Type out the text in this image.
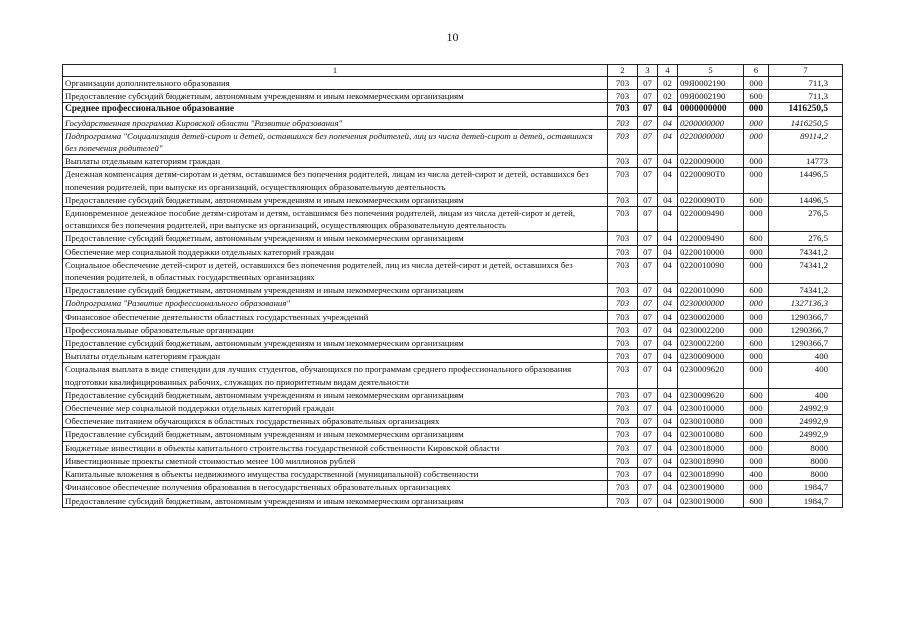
10
1	2	3	4	5	6	7
Организации дополнительного образования	703	07	02	09Я0002190	000	711,3
Предоставление субсидий бюджетным, автономным учреждениям и иным некоммерческим организациям	703	07	02	09Я0002190	600	711,3
Среднее профессиональное образование	703	07	04	0000000000	000	1416250,5
Государственная программа Кировской области "Развитие образования"	703	07	04	0200000000	000	1416250,5
Подпрограмма "Социализация детей-сирот и детей, оставшихся без попечения родителей, лиц из числа детей-сирот и детей, оставшихся без попечения родителей"	703	07	04	0220000000	000	89114,2
Выплаты отдельным категориям граждан	703	07	04	0220009000	000	14773
Денежная компенсация детям-сиротам и детям, оставшимся без попечения родителей, лицам из числа детей-сирот и детей, оставшихся без попечения родителей, при выпуске из организаций, осуществляющих образовательную деятельность	703	07	04	02200090Т0	000	14496,5
Предоставление субсидий бюджетным, автономным учреждениям и иным некоммерческим организациям	703	07	04	02200090Т0	600	14496,5
Единовременное денежное пособие детям-сиротам и детям, оставшимся без попечения родителей, лицам из числа детей-сирот и детей, оставшихся без попечения родителей, при выпуске из организаций, осуществляющих образовательную деятельность	703	07	04	0220009490	000	276,5
Предоставление субсидий бюджетным, автономным учреждениям и иным некоммерческим организациям	703	07	04	0220009490	600	276,5
Обеспечение мер социальной поддержки отдельных категорий граждан	703	07	04	0220010000	000	74341,2
Социальное обеспечение детей-сирот и детей, оставшихся без попечения родителей, лиц из числа детей-сирот и детей, оставшихся без попечения родителей, в областных государственных организациях	703	07	04	0220010090	000	74341,2
Предоставление субсидий бюджетным, автономным учреждениям и иным некоммерческим организациям	703	07	04	0220010090	600	74341,2
Подпрограмма "Развитие профессионального образования"	703	07	04	0230000000	000	1327136,3
Финансовое обеспечение деятельности областных государственных учреждений	703	07	04	0230002000	000	1290366,7
Профессиональные образовательные организации	703	07	04	0230002200	000	1290366,7
Предоставление субсидий бюджетным, автономным учреждениям и иным некоммерческим организациям	703	07	04	0230002200	600	1290366,7
Выплаты отдельным категориям граждан	703	07	04	0230009000	000	400
Социальная выплата в виде стипендии для лучших студентов, обучающихся по программам среднего профессионального образования подготовки квалифицированных рабочих, служащих по приоритетным видам деятельности	703	07	04	0230009620	000	400
Предоставление субсидий бюджетным, автономным учреждениям и иным некоммерческим организациям	703	07	04	0230009620	600	400
Обеспечение мер социальной поддержки отдельных категорий граждан	703	07	04	0230010000	000	24992,9
Обеспечение питанием обучающихся в областных государственных образовательных организациях	703	07	04	0230010080	000	24992,9
Предоставление субсидий бюджетным, автономным учреждениям и иным некоммерческим организациям	703	07	04	0230010080	600	24992,9
Бюджетные инвестиции в объекты капитального строительства государственной собственности Кировской области	703	07	04	0230018000	000	8000
Инвестиционные проекты сметной стоимостью менее 100 миллионов рублей	703	07	04	0230018990	000	8000
Капитальные вложения в объекты недвижимого имущества государственной (муниципальной) собственности	703	07	04	0230018990	400	8000
Финансовое обеспечение получения образования в негосударственных образовательных организациях	703	07	04	0230019000	000	1984,7
Предоставление субсидий бюджетным, автономным учреждениям и иным некоммерческим организациям	703	07	04	0230019000	600	1984,7
